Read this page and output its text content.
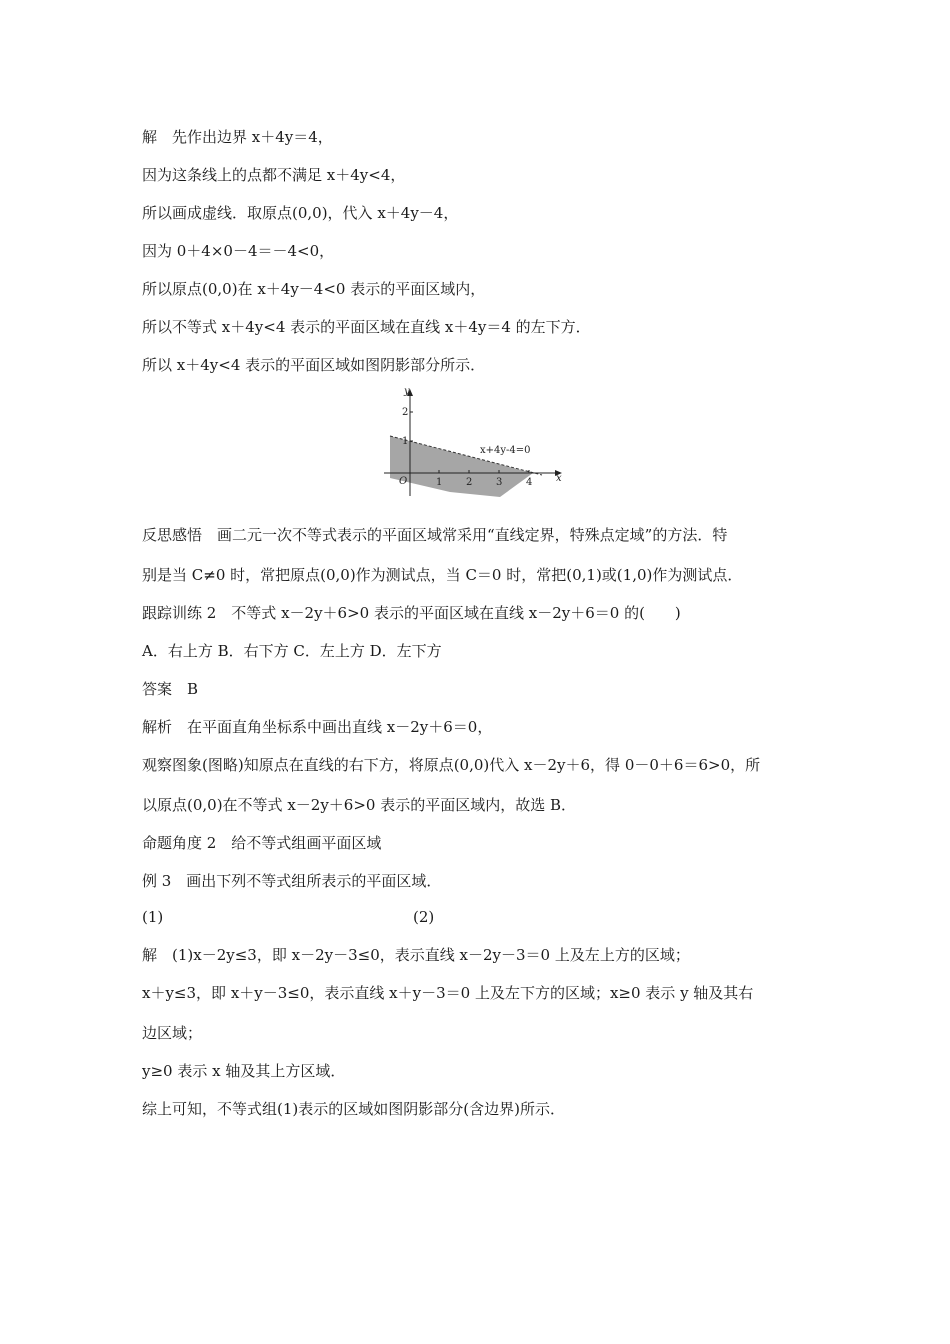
解　先作出边界 x＋4y＝4，
因为这条线上的点都不满足 x＋4y<4，
所以画成虚线．取原点(0,0)，代入 x＋4y－4，
因为 0＋4×0－4＝－4<0，
所以原点(0,0)在 x＋4y－4<0 表示的平面区域内，
所以不等式 x＋4y<4 表示的平面区域在直线 x＋4y＝4 的左下方．
所以 x＋4y<4 表示的平面区域如图阴影部分所示．
y
x
O
1
2
1 2 3 4
x+4y-4=0
反思感悟　画二元一次不等式表示的平面区域常采用“直线定界，特殊点定域”的方法．特
别是当 C≠0 时，常把原点(0,0)作为测试点，当 C＝0 时，常把(0,1)或(1,0)作为测试点．
跟踪训练 2　不等式 x－2y＋6>0 表示的平面区域在直线 x－2y＋6＝0 的(　　)
A．右上方 B．右下方 C．左上方 D．左下方
答案　B
解析　在平面直角坐标系中画出直线 x－2y＋6＝0，
观察图象(图略)知原点在直线的右下方，将原点(0,0)代入 x－2y＋6，得 0－0＋6＝6>0，所
以原点(0,0)在不等式 x－2y＋6>0 表示的平面区域内，故选 B．
命题角度 2　给不等式组画平面区域
例 3　画出下列不等式组所表示的平面区域．
(1)	(2)
解　(1)x－2y≤3，即 x－2y－3≤0，表示直线 x－2y－3＝0 上及左上方的区域；
x＋y≤3，即 x＋y－3≤0，表示直线 x＋y－3＝0 上及左下方的区域；x≥0 表示 y 轴及其右
边区域；
y≥0 表示 x 轴及其上方区域．
综上可知，不等式组(1)表示的区域如图阴影部分(含边界)所示．
